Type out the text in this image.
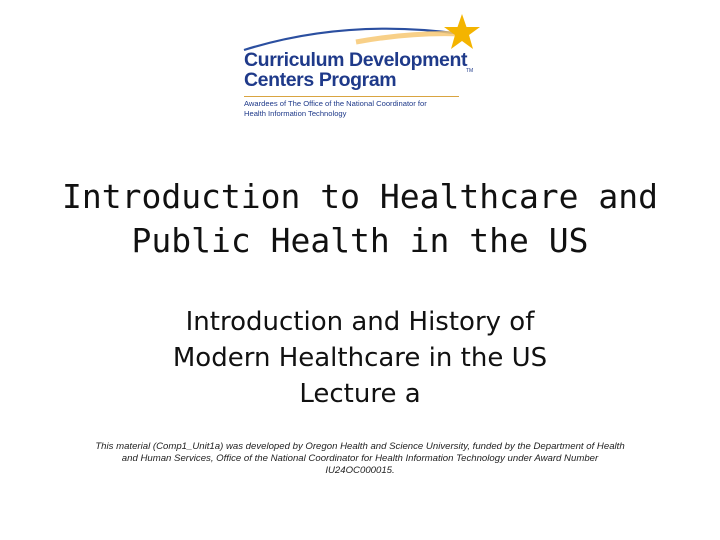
Curriculum Development
Centers Program	TM
Awardees of The Office of the National Coordinator for
Health Information Technology
Introduction to Healthcare and
Public Health in the US
Introduction and History of
Modern Healthcare in the US
Lecture a
This material (Comp1_Unit1a) was developed by Oregon Health and Science University, funded by the Department of Health
and Human Services, Office of the National Coordinator for Health Information Technology under Award Number
IU24OC000015.
